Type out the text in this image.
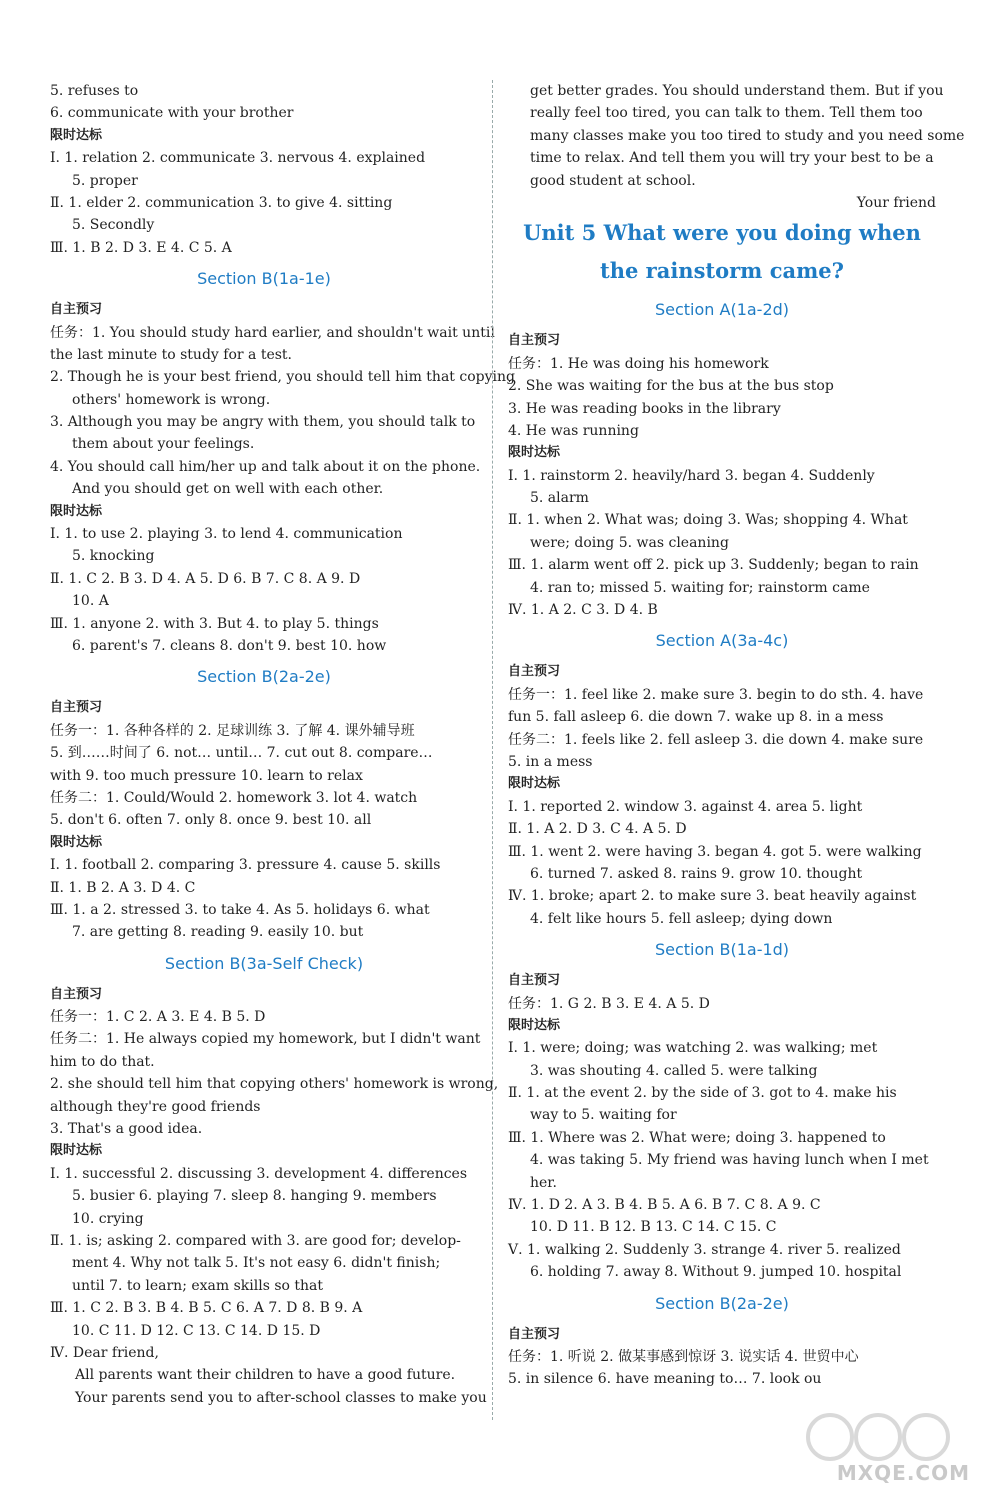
5. refuses to
6. communicate with your brother
限时达标
Ⅰ. 1. relation 2. communicate 3. nervous 4. explained
5. proper
Ⅱ. 1. elder 2. communication 3. to give 4. sitting
5. Secondly
Ⅲ. 1. B 2. D 3. E 4. C 5. A
Section B(1a-1e)
自主预习
任务：1. You should study hard earlier, and shouldn't wait until
the last minute to study for a test.
2. Though he is your best friend, you should tell him that copying
others' homework is wrong.
3. Although you may be angry with them, you should talk to
them about your feelings.
4. You should call him/her up and talk about it on the phone.
And you should get on well with each other.
限时达标
Ⅰ. 1. to use 2. playing 3. to lend 4. communication
5. knocking
Ⅱ. 1. C 2. B 3. D 4. A 5. D 6. B 7. C 8. A 9. D
10. A
Ⅲ. 1. anyone 2. with 3. But 4. to play 5. things
6. parent's 7. cleans 8. don't 9. best 10. how
Section B(2a-2e)
自主预习
任务一：1. 各种各样的 2. 足球训练 3. 了解 4. 课外辅导班
5. 到……时间了 6. not… until… 7. cut out 8. compare…
with 9. too much pressure 10. learn to relax
任务二：1. Could/Would 2. homework 3. lot 4. watch
5. don't 6. often 7. only 8. once 9. best 10. all
限时达标
Ⅰ. 1. football 2. comparing 3. pressure 4. cause 5. skills
Ⅱ. 1. B 2. A 3. D 4. C
Ⅲ. 1. a 2. stressed 3. to take 4. As 5. holidays 6. what
7. are getting 8. reading 9. easily 10. but
Section B(3a-Self Check)
自主预习
任务一：1. C 2. A 3. E 4. B 5. D
任务二：1. He always copied my homework, but I didn't want
him to do that.
2. she should tell him that copying others' homework is wrong,
although they're good friends
3. That's a good idea.
限时达标
Ⅰ. 1. successful 2. discussing 3. development 4. differences
5. busier 6. playing 7. sleep 8. hanging 9. members
10. crying
Ⅱ. 1. is; asking 2. compared with 3. are good for; develop-
ment 4. Why not talk 5. It's not easy 6. didn't finish;
until 7. to learn; exam skills so that
Ⅲ. 1. C 2. B 3. B 4. B 5. C 6. A 7. D 8. B 9. A
10. C 11. D 12. C 13. C 14. D 15. D
Ⅳ. Dear friend,
All parents want their children to have a good future.
Your parents send you to after-school classes to make you
get better grades. You should understand them. But if you
really feel too tired, you can talk to them. Tell them too
many classes make you too tired to study and you need some
time to relax. And tell them you will try your best to be a
good student at school.
Your friend
Unit 5 What were you doing when
the rainstorm came?
Section A(1a-2d)
自主预习
任务：1. He was doing his homework
2. She was waiting for the bus at the bus stop
3. He was reading books in the library
4. He was running
限时达标
Ⅰ. 1. rainstorm 2. heavily/hard 3. began 4. Suddenly
5. alarm
Ⅱ. 1. when 2. What was; doing 3. Was; shopping 4. What
were; doing 5. was cleaning
Ⅲ. 1. alarm went off 2. pick up 3. Suddenly; began to rain
4. ran to; missed 5. waiting for; rainstorm came
Ⅳ. 1. A 2. C 3. D 4. B
Section A(3a-4c)
自主预习
任务一：1. feel like 2. make sure 3. begin to do sth. 4. have
fun 5. fall asleep 6. die down 7. wake up 8. in a mess
任务二：1. feels like 2. fell asleep 3. die down 4. make sure
5. in a mess
限时达标
Ⅰ. 1. reported 2. window 3. against 4. area 5. light
Ⅱ. 1. A 2. D 3. C 4. A 5. D
Ⅲ. 1. went 2. were having 3. began 4. got 5. were walking
6. turned 7. asked 8. rains 9. grow 10. thought
Ⅳ. 1. broke; apart 2. to make sure 3. beat heavily against
4. felt like hours 5. fell asleep; dying down
Section B(1a-1d)
自主预习
任务：1. G 2. B 3. E 4. A 5. D
限时达标
Ⅰ. 1. were; doing; was watching 2. was walking; met
3. was shouting 4. called 5. were talking
Ⅱ. 1. at the event 2. by the side of 3. got to 4. make his
way to 5. waiting for
Ⅲ. 1. Where was 2. What were; doing 3. happened to
4. was taking 5. My friend was having lunch when I met
her.
Ⅳ. 1. D 2. A 3. B 4. B 5. A 6. B 7. C 8. A 9. C
10. D 11. B 12. B 13. C 14. C 15. C
Ⅴ. 1. walking 2. Suddenly 3. strange 4. river 5. realized
6. holding 7. away 8. Without 9. jumped 10. hospital
Section B(2a-2e)
自主预习
任务：1. 听说 2. 做某事感到惊讶 3. 说实话 4. 世贸中心
5. in silence 6. have meaning to… 7. look ou
MXQE.COM
